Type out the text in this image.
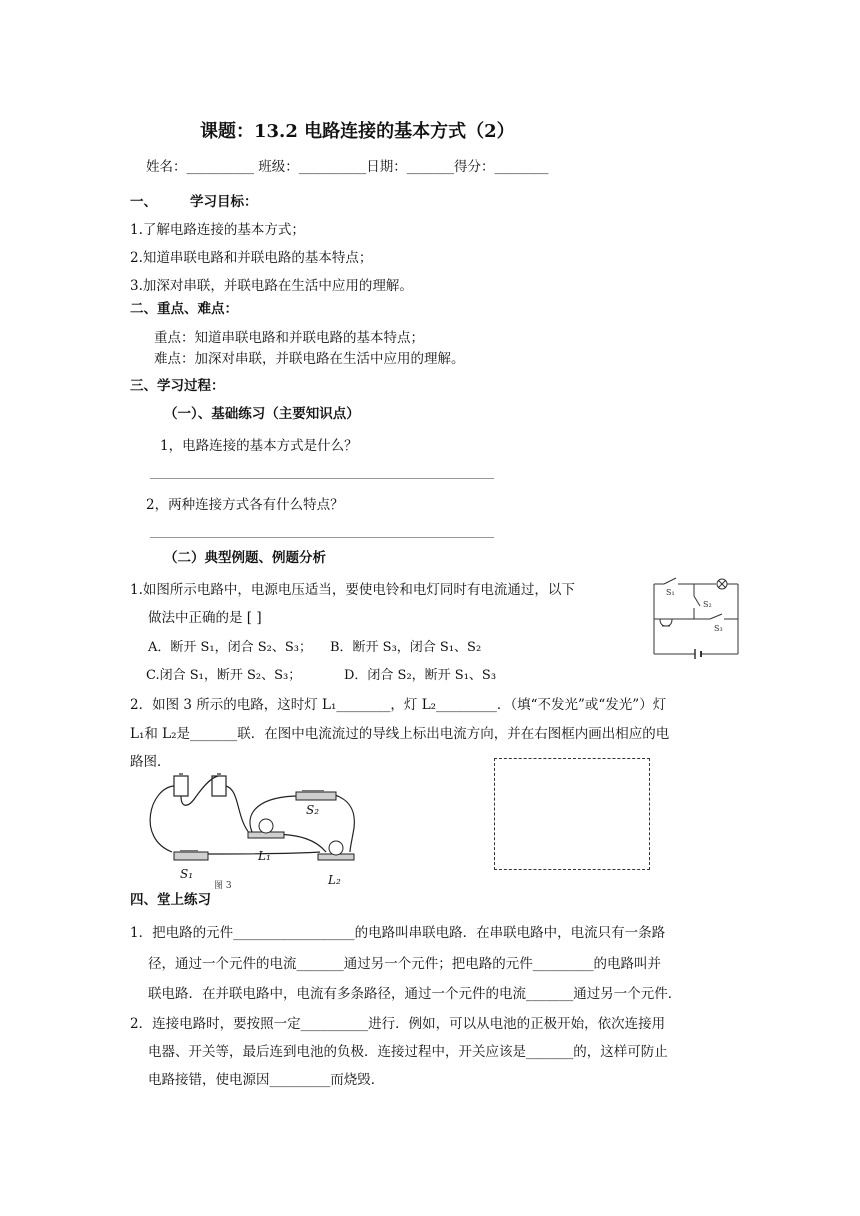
课题：13.2 电路连接的基本方式（2）
姓名：__________ 班级：__________日期：_______得分：________
一、 学习目标：
1.了解电路连接的基本方式；
2.知道串联电路和并联电路的基本特点；
3.加深对串联，并联电路在生活中应用的理解。
二、重点、难点：
重点：知道串联电路和并联电路的基本特点；
难点：加深对串联，并联电路在生活中应用的理解。
三、学习过程：
（一）、基础练习（主要知识点）
1，电路连接的基本方式是什么？
2，两种连接方式各有什么特点？
（二）典型例题、例题分析
1.如图所示电路中，电源电压适当，要使电铃和电灯同时有电流通过，以下
做法中正确的是 [ ]
A．断开 S₁，闭合 S₂、S₃； B．断开 S₃，闭合 S₁、S₂
C.闭合 S₁，断开 S₂、S₃；	D．闭合 S₂，断开 S₁、S₃
S₁
S₂
S₃
2．如图 3 所示的电路，这时灯 L₁________，灯 L₂_________．（填“不发光”或“发光”）灯
L₁和 L₂是_______联．在图中电流流过的导线上标出电流方向，并在右图框内画出相应的电
路图．
S₂
L₁
S₁	L₂
图 3
四、堂上练习
1．把电路的元件__________________的电路叫串联电路．在串联电路中，电流只有一条路
径，通过一个元件的电流_______通过另一个元件；把电路的元件_________的电路叫并
联电路．在并联电路中，电流有多条路径，通过一个元件的电流_______通过另一个元件．
2．连接电路时，要按照一定__________进行．例如，可以从电池的正极开始，依次连接用
电器、开关等，最后连到电池的负极．连接过程中，开关应该是_______的，这样可防止
电路接错，使电源因_________而烧毁．
